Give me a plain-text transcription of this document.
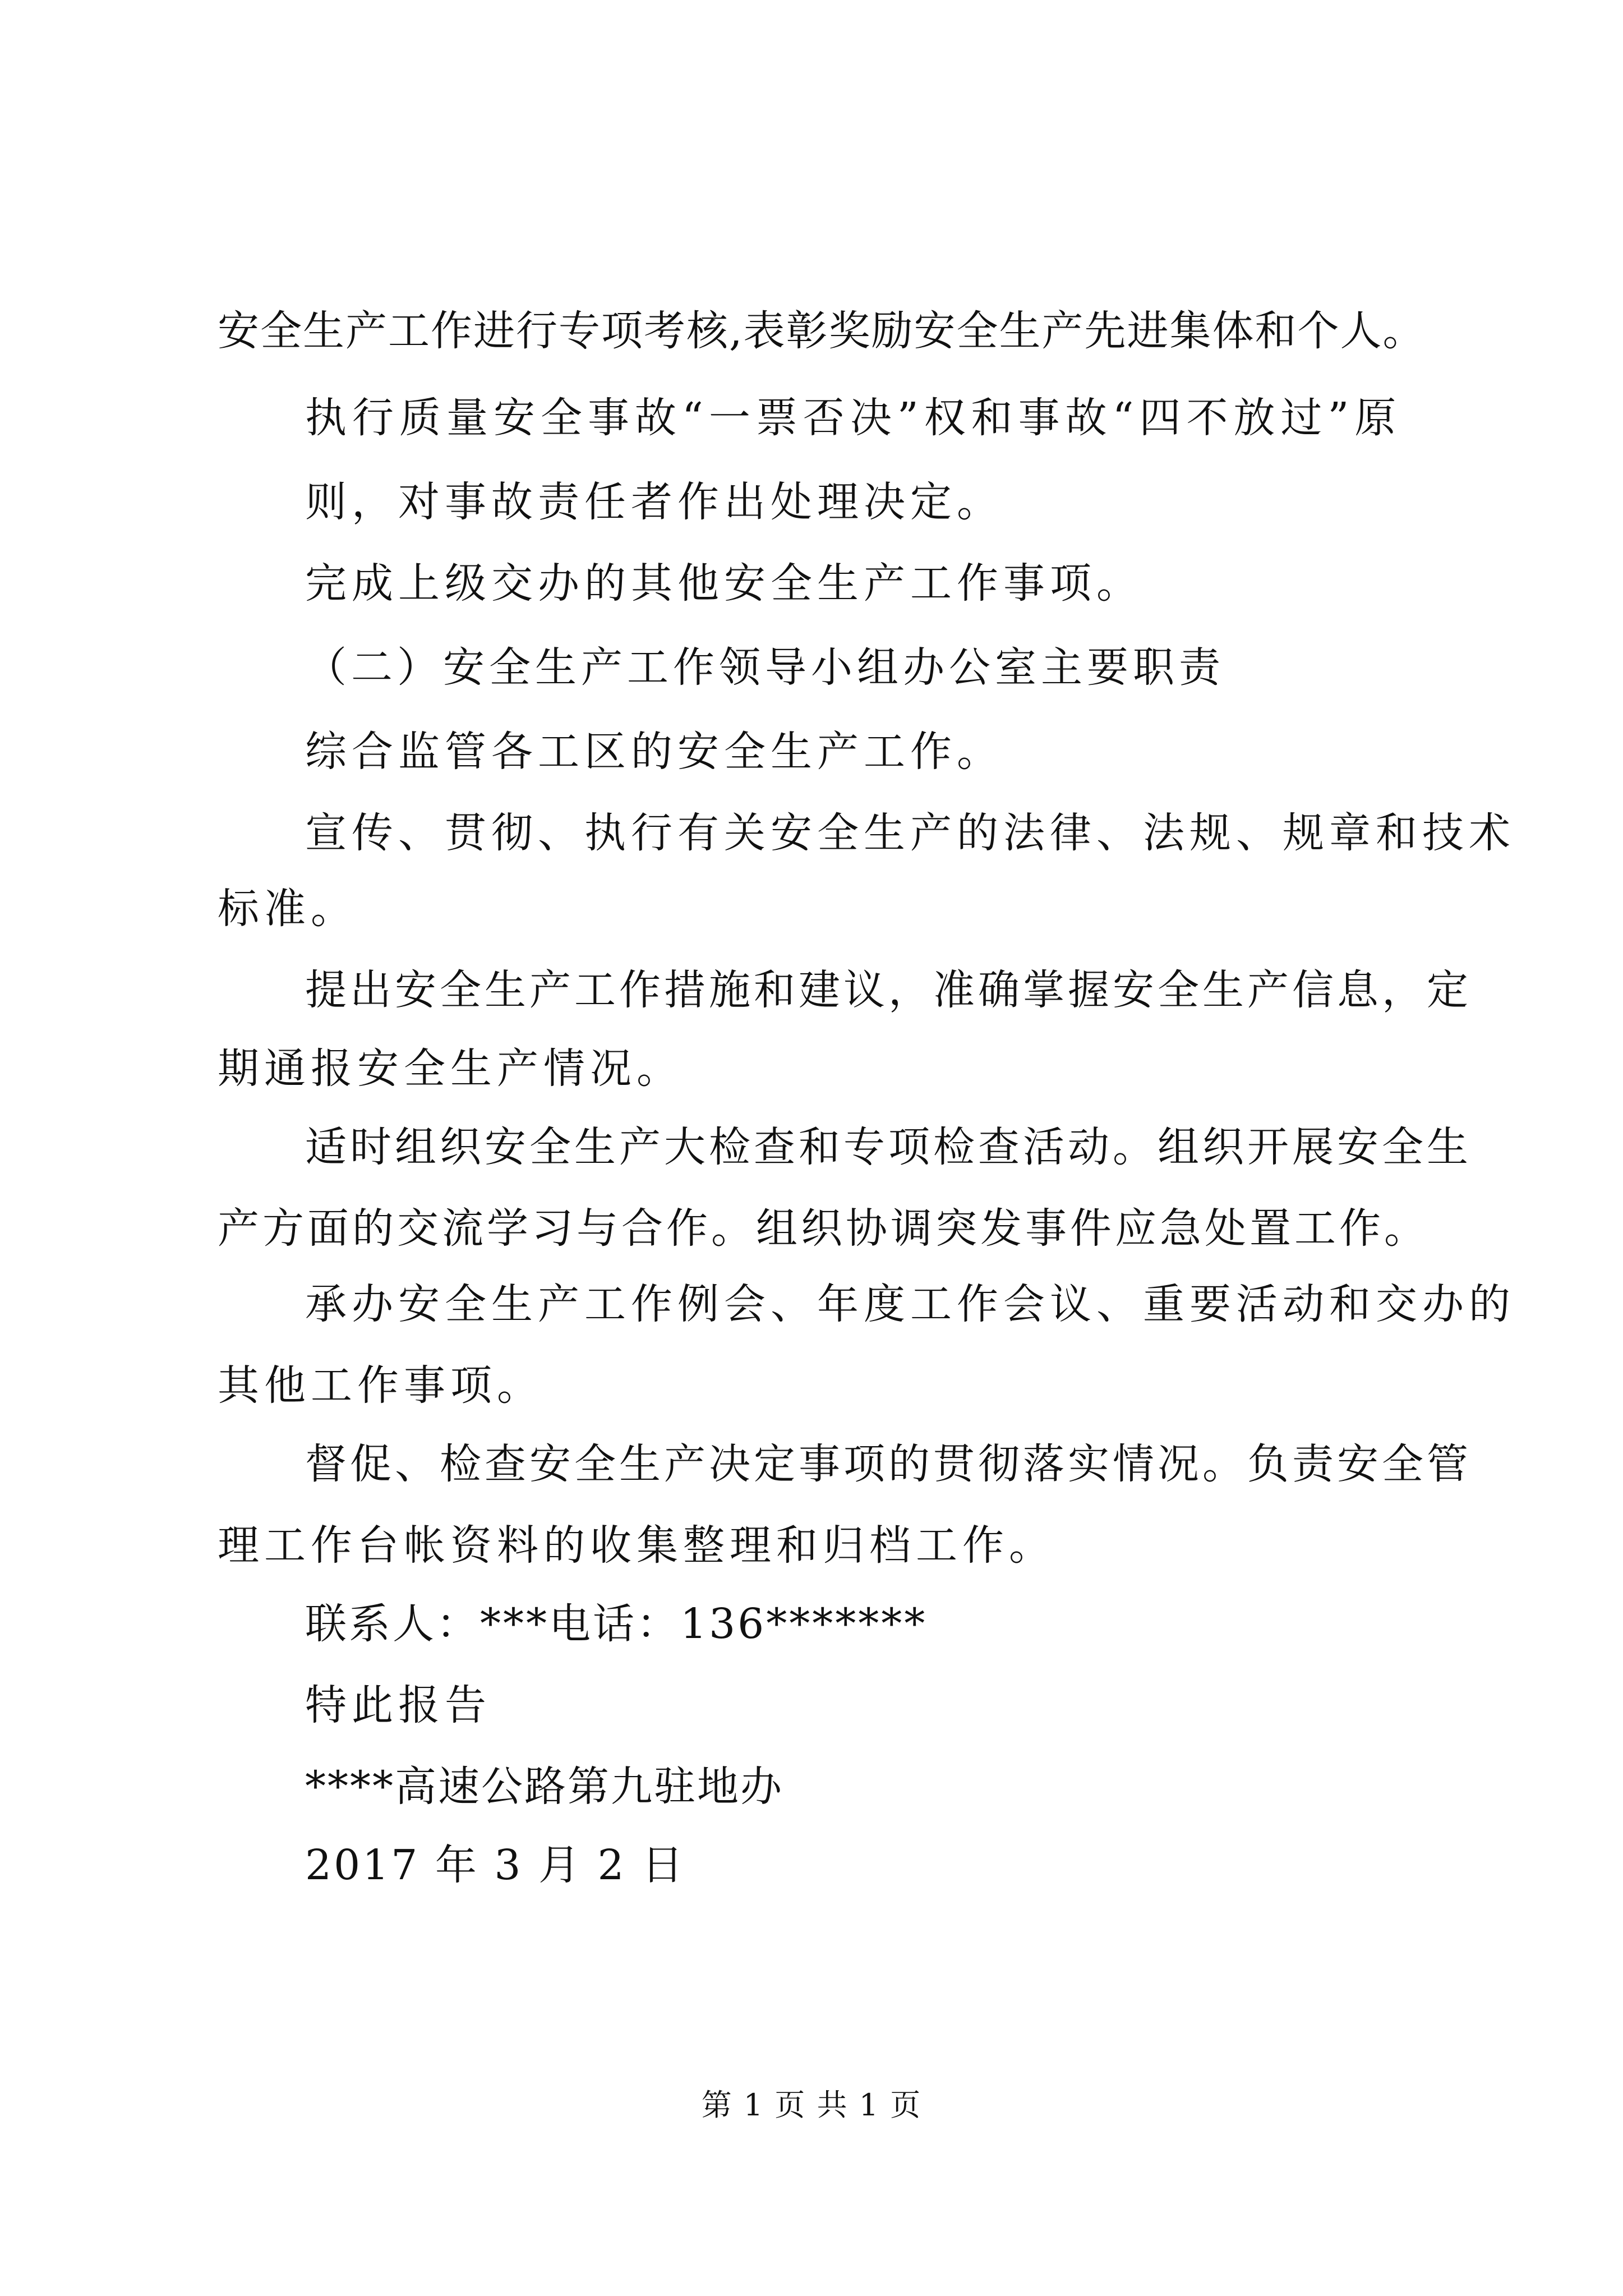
安全生产工作进行专项考核,表彰奖励安全生产先进集体和个人。
执行质量安全事故“一票否决”权和事故“四不放过”原
则，对事故责任者作出处理决定。
完成上级交办的其他安全生产工作事项。
（二）安全生产工作领导小组办公室主要职责
综合监管各工区的安全生产工作。
宣传、贯彻、执行有关安全生产的法律、法规、规章和技术
标准。
提出安全生产工作措施和建议，准确掌握安全生产信息，定
期通报安全生产情况。
适时组织安全生产大检查和专项检查活动。组织开展安全生
产方面的交流学习与合作。组织协调突发事件应急处置工作。
承办安全生产工作例会、年度工作会议、重要活动和交办的
其他工作事项。
督促、检查安全生产决定事项的贯彻落实情况。负责安全管
理工作台帐资料的收集整理和归档工作。
联系人：***电话：136*******
特此报告
****高速公路第九驻地办
2017 年 3 月 2 日
第 1 页 共 1 页
